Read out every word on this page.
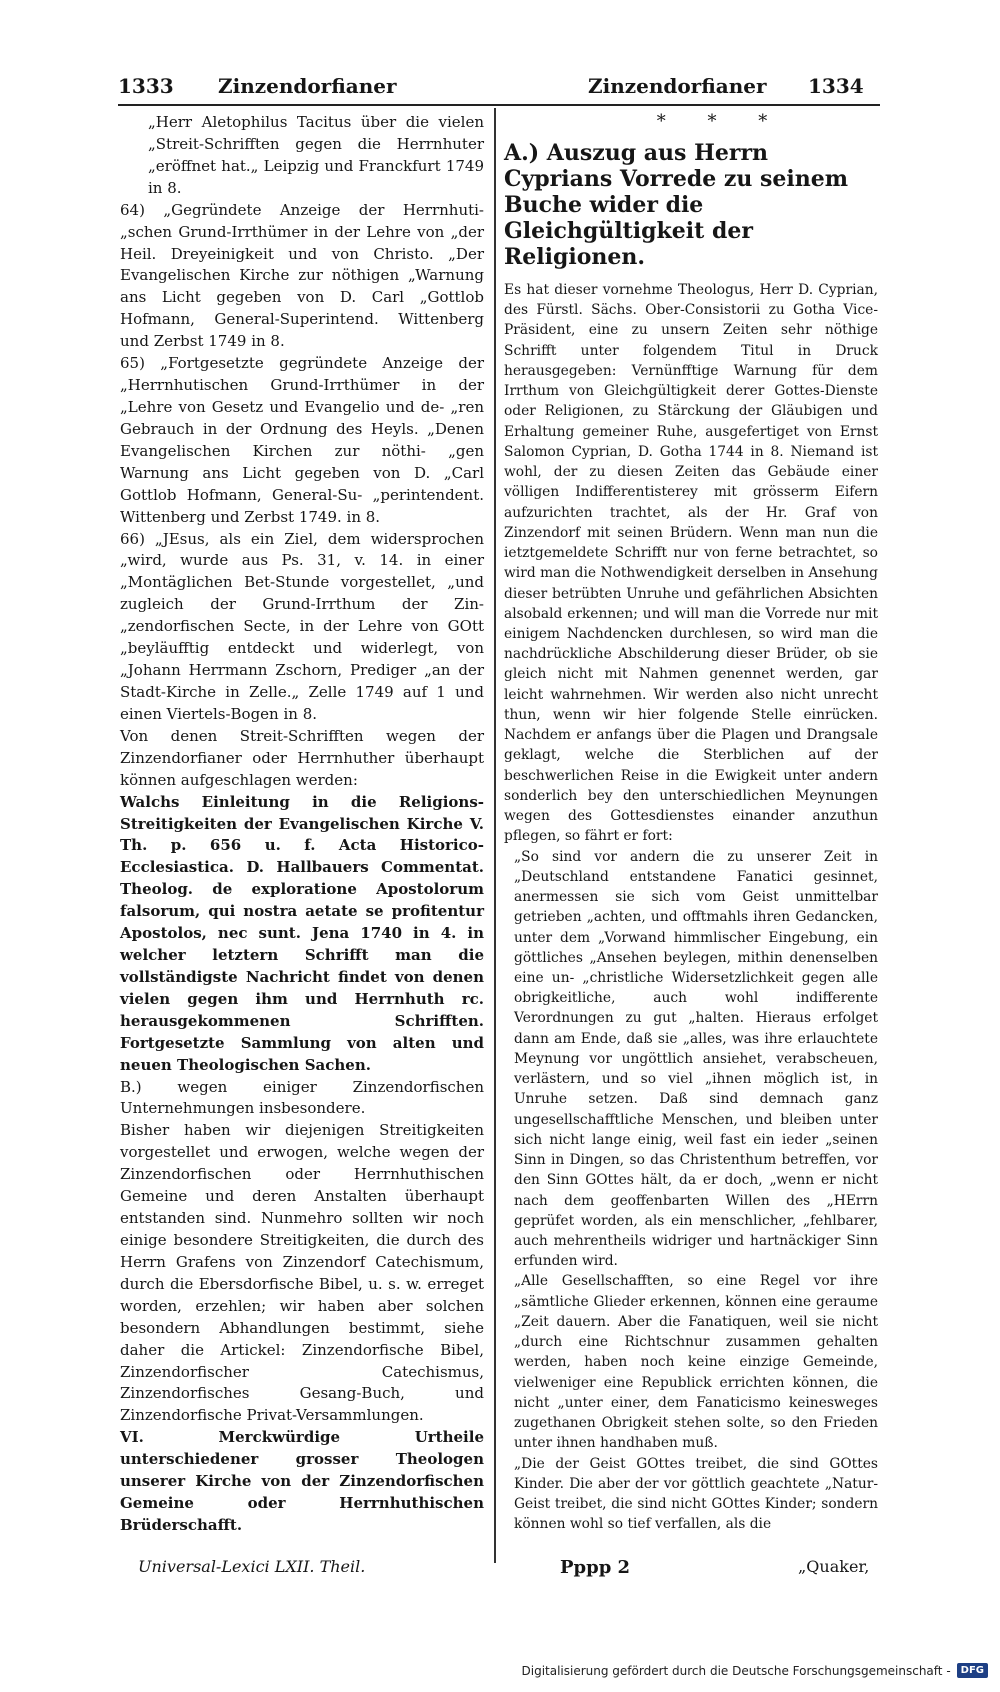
1333 Zinzendorfianer	Zinzendorfianer 1334

„Herr Aletophilus Tacitus über die vielen „Streit-Schrifften gegen die Herrnhuter „eröffnet hat.„ Leipzig und Franckfurt 1749 in 8.

64) „Gegründete Anzeige der Herrnhuti- „schen Grund-Irrthümer in der Lehre von „der Heil. Dreyeinigkeit und von Christo. „Der Evangelischen Kirche zur nöthigen „Warnung ans Licht gegeben von D. Carl „Gottlob Hofmann, General-Superintend. Wittenberg und Zerbst 1749 in 8.

65) „Fortgesetzte gegründete Anzeige der „Herrnhutischen Grund-Irrthümer in der „Lehre von Gesetz und Evangelio und de- „ren Gebrauch in der Ordnung des Heyls. „Denen Evangelischen Kirchen zur nöthi- „gen Warnung ans Licht gegeben von D. „Carl Gottlob Hofmann, General-Su- „perintendent. Wittenberg und Zerbst 1749. in 8.

66) „JEsus, als ein Ziel, dem widersprochen „wird, wurde aus Ps. 31, v. 14. in einer „Montäglichen Bet-Stunde vorgestellet, „und zugleich der Grund-Irrthum der Zin- „zendorfischen Secte, in der Lehre von GOtt „beyläufftig entdeckt und widerlegt, von „Johann Herrmann Zschorn, Prediger „an der Stadt-Kirche in Zelle.„ Zelle 1749 auf 1 und einen Viertels-Bogen in 8.

Von denen Streit-Schrifften wegen der Zinzendorfianer oder Herrnhuther überhaupt können aufgeschlagen werden:

Walchs Einleitung in die Religions-Streitigkeiten der Evangelischen Kirche V. Th. p. 656 u. f. Acta Historico-Ecclesiastica. D. Hallbauers Commentat. Theolog. de exploratione Apostolorum falsorum, qui nostra aetate se profitentur Apostolos, nec sunt. Jena 1740 in 4. in welcher letztern Schrifft man die vollständigste Nachricht findet von denen vielen gegen ihm und Herrnhuth rc. herausgekommenen Schrifften. Fortgesetzte Sammlung von alten und neuen Theologischen Sachen.

B.) wegen einiger Zinzendorfischen Unternehmungen insbesondere.

Bisher haben wir diejenigen Streitigkeiten vorgestellet und erwogen, welche wegen der Zinzendorfischen oder Herrnhuthischen Gemeine und deren Anstalten überhaupt entstanden sind. Nunmehro sollten wir noch einige besondere Streitigkeiten, die durch des Herrn Grafens von Zinzendorf Catechismum, durch die Ebersdorfische Bibel, u. s. w. erreget worden, erzehlen; wir haben aber solchen besondern Abhandlungen bestimmt, siehe daher die Artickel: Zinzendorfische Bibel, Zinzendorfischer Catechismus, Zinzendorfisches Gesang-Buch, und Zinzendorfische Privat-Versammlungen.

VI. Merckwürdige Urtheile unterschiedener grosser Theologen unserer Kirche von der Zinzendorfischen Gemeine oder Herrnhuthischen Brüderschafft.

* * *
A.) Auszug aus Herrn Cyprians Vorrede zu seinem Buche wider die Gleichgültigkeit der Religionen.

Es hat dieser vornehme Theologus, Herr D. Cyprian, des Fürstl. Sächs. Ober-Consistorii zu Gotha Vice-Präsident, eine zu unsern Zeiten sehr nöthige Schrifft unter folgendem Titul in Druck herausgegeben: Vernünfftige Warnung für dem Irrthum von Gleichgültigkeit derer Gottes-Dienste oder Religionen, zu Stärckung der Gläubigen und Erhaltung gemeiner Ruhe, ausgefertiget von Ernst Salomon Cyprian, D. Gotha 1744 in 8. Niemand ist wohl, der zu diesen Zeiten das Gebäude einer völligen Indifferentisterey mit grösserm Eifern aufzurichten trachtet, als der Hr. Graf von Zinzendorf mit seinen Brüdern. Wenn man nun die ietztgemeldete Schrifft nur von ferne betrachtet, so wird man die Nothwendigkeit derselben in Ansehung dieser betrübten Unruhe und gefährlichen Absichten alsobald erkennen; und will man die Vorrede nur mit einigem Nachdencken durchlesen, so wird man die nachdrückliche Abschilderung dieser Brüder, ob sie gleich nicht mit Nahmen genennet werden, gar leicht wahrnehmen. Wir werden also nicht unrecht thun, wenn wir hier folgende Stelle einrücken. Nachdem er anfangs über die Plagen und Drangsale geklagt, welche die Sterblichen auf der beschwerlichen Reise in die Ewigkeit unter andern sonderlich bey den unterschiedlichen Meynungen wegen des Gottesdienstes einander anzuthun pflegen, so fährt er fort:

„So sind vor andern die zu unserer Zeit in „Deutschland entstandene Fanatici gesinnet, anermessen sie sich vom Geist unmittelbar getrieben „achten, und offtmahls ihren Gedancken, unter dem „Vorwand himmlischer Eingebung, ein göttliches „Ansehen beylegen, mithin denenselben eine un- „christliche Widersetzlichkeit gegen alle obrigkeitliche, auch wohl indifferente Verordnungen zu gut „halten. Hieraus erfolget dann am Ende, daß sie „alles, was ihre erlauchtete Meynung vor ungöttlich ansiehet, verabscheuen, verlästern, und so viel „ihnen möglich ist, in Unruhe setzen. Daß sind demnach ganz ungesellschafftliche Menschen, und bleiben unter sich nicht lange einig, weil fast ein ieder „seinen Sinn in Dingen, so das Christenthum betreffen, vor den Sinn GOttes hält, da er doch, „wenn er nicht nach dem geoffenbarten Willen des „HErrn geprüfet worden, als ein menschlicher, „fehlbarer, auch mehrentheils widriger und hartnäckiger Sinn erfunden wird.

„Alle Gesellschafften, so eine Regel vor ihre „sämtliche Glieder erkennen, können eine geraume „Zeit dauern. Aber die Fanatiquen, weil sie nicht „durch eine Richtschnur zusammen gehalten werden, haben noch keine einzige Gemeinde, vielweniger eine Republick errichten können, die nicht „unter einer, dem Fanaticismo keinesweges zugethanen Obrigkeit stehen solte, so den Frieden unter ihnen handhaben muß.

„Die der Geist GOttes treibet, die sind GOttes Kinder. Die aber der vor göttlich geachtete „Natur-Geist treibet, die sind nicht GOttes Kinder; sondern können wohl so tief verfallen, als die

Universal-Lexici LXII. Theil.	Pppp 2	„Quaker,
Digitalisierung gefördert durch die Deutsche Forschungsgemeinschaft -	DFG
